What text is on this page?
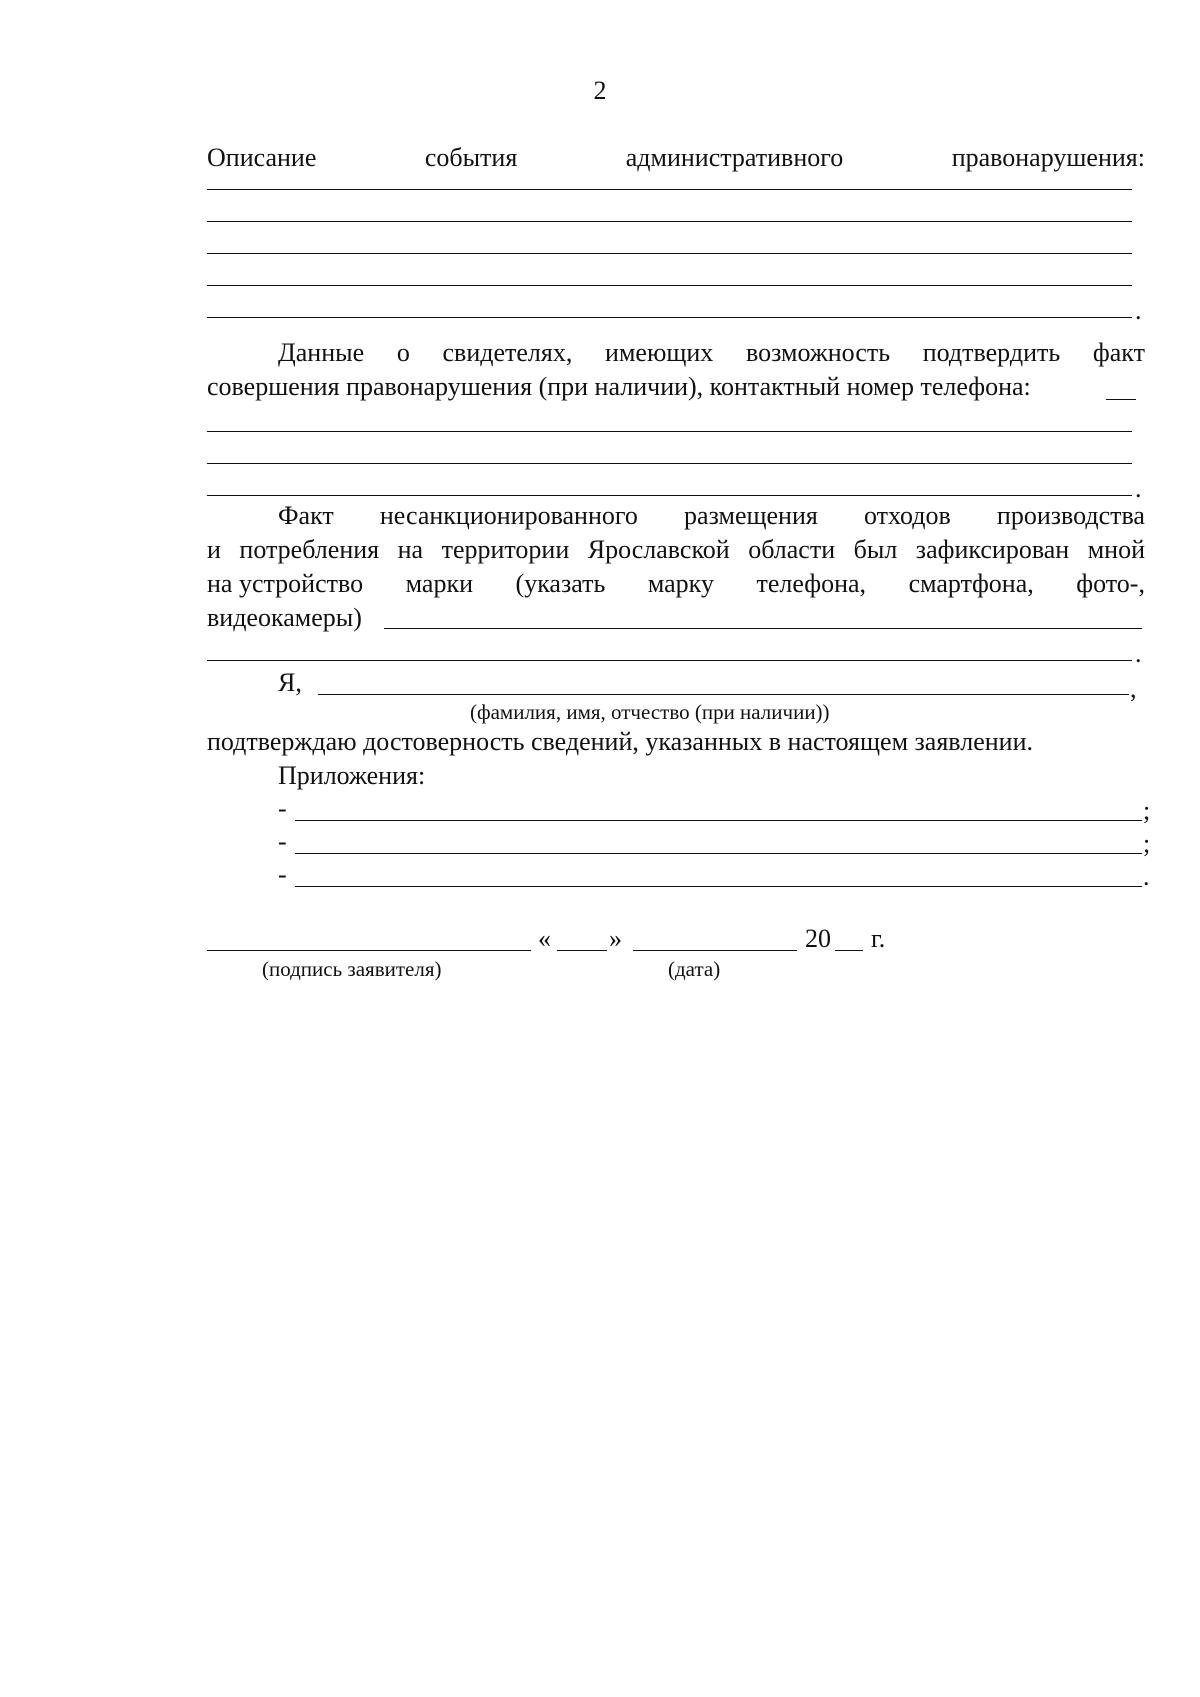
2
Описание	события	административного	правонарушения:
.
Данные о свидетелях, имеющих возможность подтвердить факт
совершения правонарушения (при наличии), контактный номер телефона:
.
Факт несанкционированного размещения отходов производства
и потребления на территории Ярославской области был зафиксирован мной
на устройство марки (указать марку телефона, смартфона, фото-,
видеокамеры)
.
Я,	,
(фамилия, имя, отчество (при наличии))
подтверждаю достоверность сведений, указанных в настоящем заявлении.
Приложения:
-	;
-	;
-	.
« »	20 г.
(подпись заявителя)	(дата)
